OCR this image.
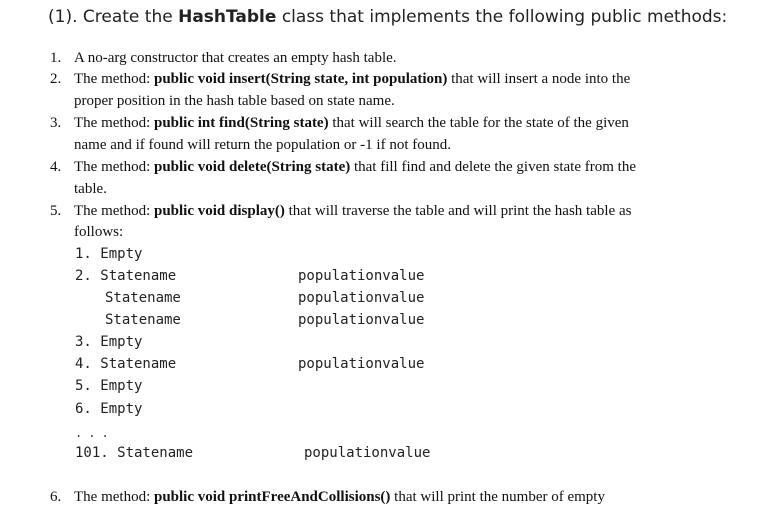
(1). Create the HashTable class that implements the following public methods:
1. A no-arg constructor that creates an empty hash table.
2. The method: public void insert(String state, int population) that will insert a node into the
proper position in the hash table based on state name.
3. The method: public int find(String state) that will search the table for the state of the given
name and if found will return the population or -1 if not found.
4. The method: public void delete(String state) that fill find and delete the given state from the
table.
5. The method: public void display() that will traverse the table and will print the hash table as
follows:
1. Empty
2. Statename	populationvalue
Statename	populationvalue
Statename	populationvalue
3. Empty
4. Statename	populationvalue
5. Empty
6. Empty
...
101. Statename	populationvalue
6. The method: public void printFreeAndCollisions() that will print the number of empty
